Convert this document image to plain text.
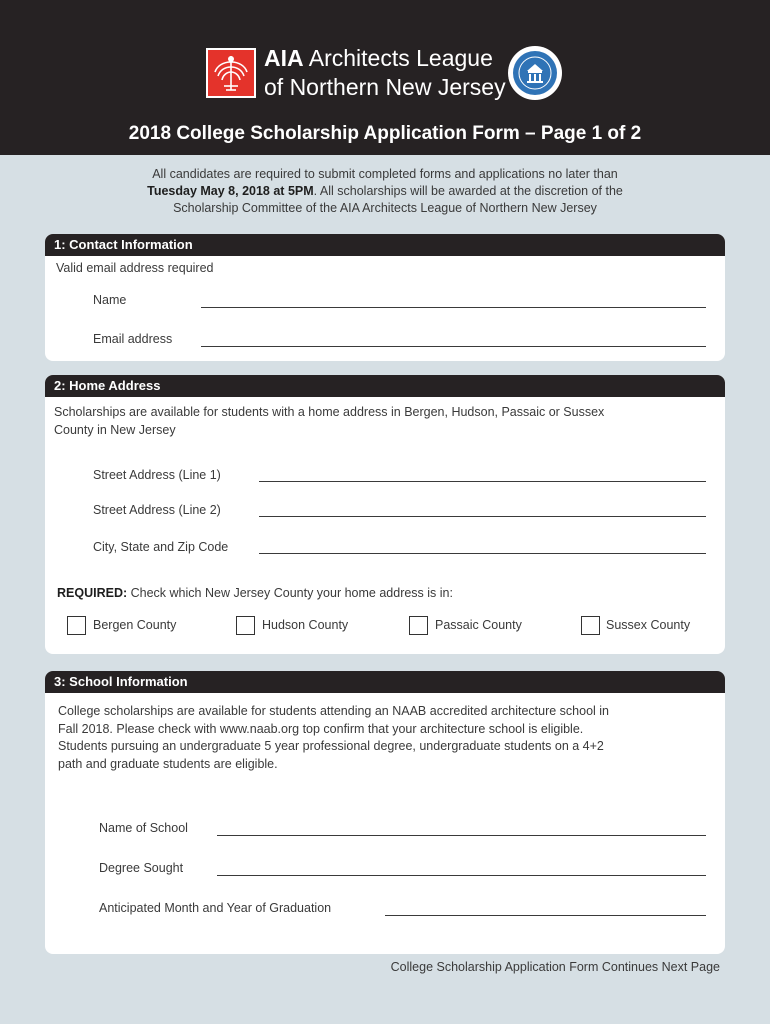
AIA Architects League
of Northern New Jersey
2018 College Scholarship Application Form – Page 1 of 2
All candidates are required to submit completed forms and applications no later than
Tuesday May 8, 2018 at 5PM. All scholarships will be awarded at the discretion of the
Scholarship Committee of the AIA Architects League of Northern New Jersey
1: Contact Information
Valid email address required
Name
Email address
2: Home Address
Scholarships are available for students with a home address in Bergen, Hudson, Passaic or Sussex
County in New Jersey
Street Address (Line 1)
Street Address (Line 2)
City, State and Zip Code
REQUIRED: Check which New Jersey County your home address is in:
Bergen County	Hudson County	Passaic County	Sussex County
3: School Information
College scholarships are available for students attending an NAAB accredited architecture school in
Fall 2018. Please check with www.naab.org top confirm that your architecture school is eligible.
Students pursuing an undergraduate 5 year professional degree, undergraduate students on a 4+2
path and graduate students are eligible.
Name of School
Degree Sought
Anticipated Month and Year of Graduation
College Scholarship Application Form Continues Next Page
